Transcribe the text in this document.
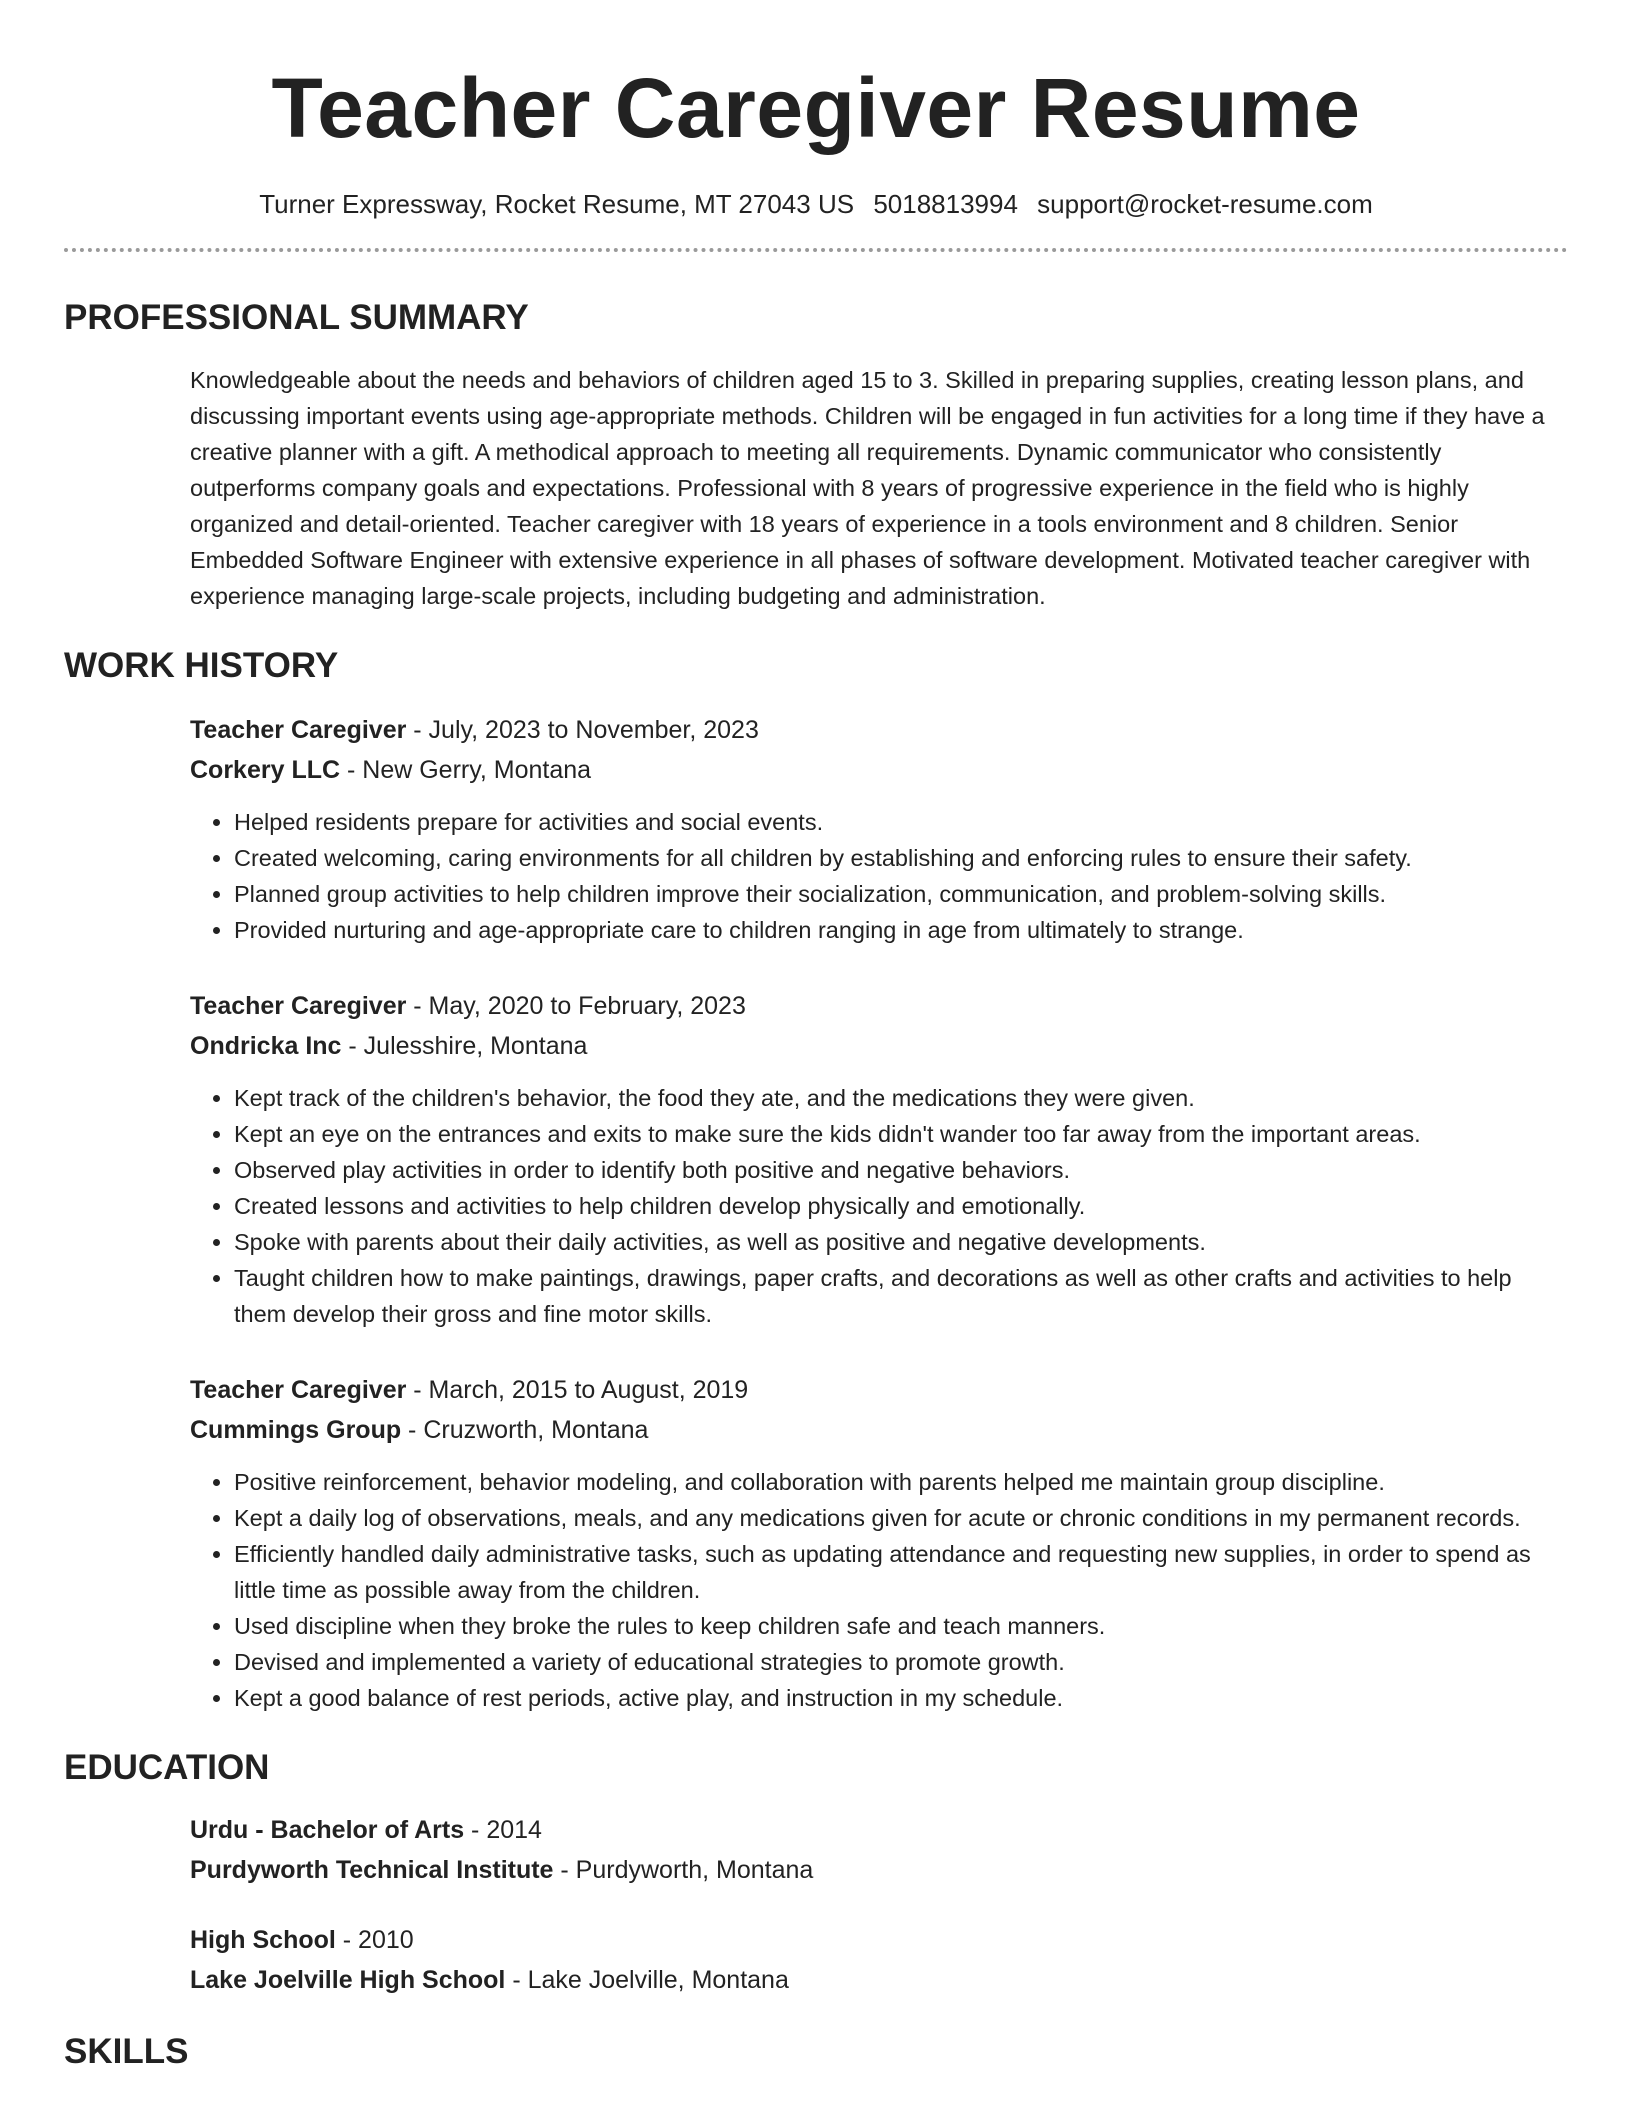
Teacher Caregiver Resume
Turner Expressway, Rocket Resume, MT 27043 US 5018813994 support@rocket-resume.com
PROFESSIONAL SUMMARY
Knowledgeable about the needs and behaviors of children aged 15 to 3. Skilled in preparing supplies, creating lesson plans, and discussing important events using age-appropriate methods. Children will be engaged in fun activities for a long time if they have a creative planner with a gift. A methodical approach to meeting all requirements. Dynamic communicator who consistently outperforms company goals and expectations. Professional with 8 years of progressive experience in the field who is highly organized and detail-oriented. Teacher caregiver with 18 years of experience in a tools environment and 8 children. Senior Embedded Software Engineer with extensive experience in all phases of software development. Motivated teacher caregiver with experience managing large-scale projects, including budgeting and administration.
WORK HISTORY
Teacher Caregiver - July, 2023 to November, 2023
Corkery LLC - New Gerry, Montana
• Helped residents prepare for activities and social events.
• Created welcoming, caring environments for all children by establishing and enforcing rules to ensure their safety.
• Planned group activities to help children improve their socialization, communication, and problem-solving skills.
• Provided nurturing and age-appropriate care to children ranging in age from ultimately to strange.
Teacher Caregiver - May, 2020 to February, 2023
Ondricka Inc - Julesshire, Montana
• Kept track of the children's behavior, the food they ate, and the medications they were given.
• Kept an eye on the entrances and exits to make sure the kids didn't wander too far away from the important areas.
• Observed play activities in order to identify both positive and negative behaviors.
• Created lessons and activities to help children develop physically and emotionally.
• Spoke with parents about their daily activities, as well as positive and negative developments.
• Taught children how to make paintings, drawings, paper crafts, and decorations as well as other crafts and activities to help them develop their gross and fine motor skills.
Teacher Caregiver - March, 2015 to August, 2019
Cummings Group - Cruzworth, Montana
• Positive reinforcement, behavior modeling, and collaboration with parents helped me maintain group discipline.
• Kept a daily log of observations, meals, and any medications given for acute or chronic conditions in my permanent records.
• Efficiently handled daily administrative tasks, such as updating attendance and requesting new supplies, in order to spend as little time as possible away from the children.
• Used discipline when they broke the rules to keep children safe and teach manners.
• Devised and implemented a variety of educational strategies to promote growth.
• Kept a good balance of rest periods, active play, and instruction in my schedule.
EDUCATION
Urdu - Bachelor of Arts - 2014
Purdyworth Technical Institute - Purdyworth, Montana
High School - 2010
Lake Joelville High School - Lake Joelville, Montana
SKILLS
